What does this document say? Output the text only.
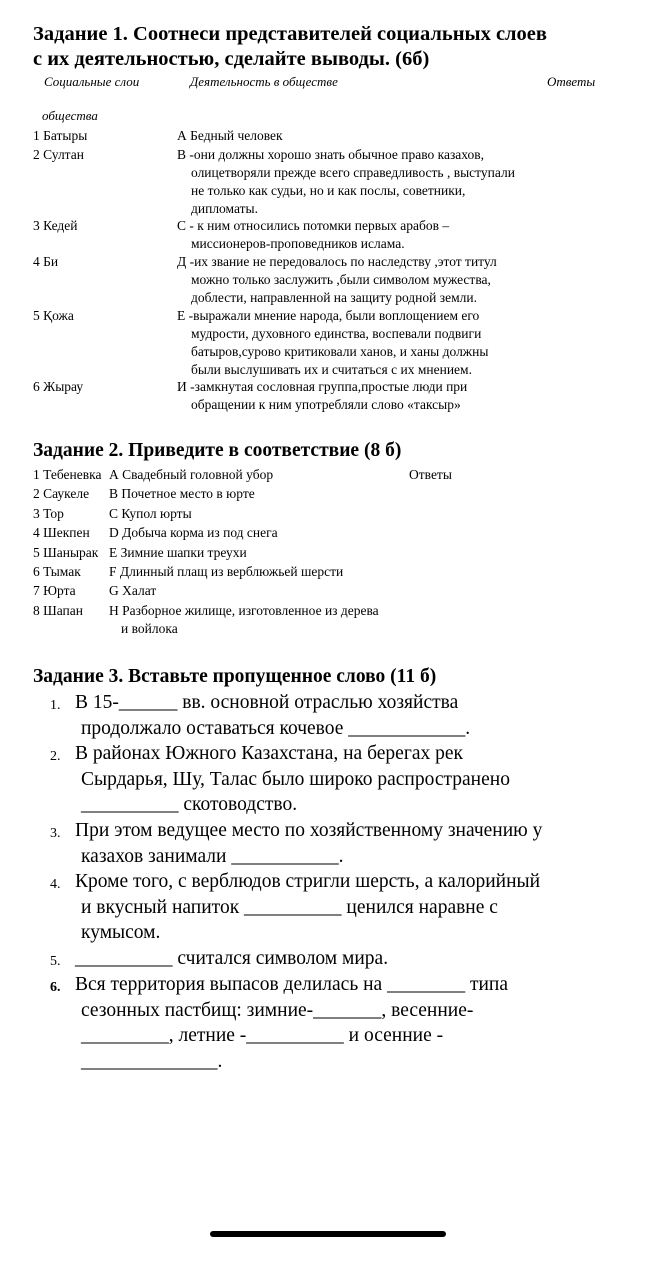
Задание 1. Соотнеси представителей социальных слоев
с их деятельностью, сделайте выводы. (6б)
Социальные слои	Деятельность в обществе	Ответы
общества
1 Батыры	А Бедный человек
2 Султан	В -они должны хорошо знать обычное право казахов,
олицетворяли прежде всего справедливость , выступали
не только как судьи, но и как послы, советники,
дипломаты.
3 Кедей	С - к ним относились потомки первых арабов –
миссионеров-проповедников ислама.
4 Би	Д -их звание не передовалось по наследству ,этот титул
можно только заслужить ,были символом мужества,
доблести, направленной на защиту родной земли.
5 Қожа	Е -выражали мнение народа, были воплощением его
мудрости, духовного единства, воспевали подвиги
батыров,сурово критиковали ханов, и ханы должны
были выслушивать их и считаться с их мнением.
6 Жырау	И -замкнутая сословная группа,простые люди при
обращении к ним употребляли слово «таксыр»
Задание 2. Приведите в соответствие (8 б)
Ответы
1 Тебеневка А Свадебный головной убор
2 Саукеле В Почетное место в юрте
3 Тор	С Купол юрты
4 Шекпен D Добыча корма из под снега
5 Шанырак Е Зимние шапки треухи
6 Тымак F Длинный плащ из верблюжьей шерсти
7 Юрта G Халат
8 Шапан Н Разборное жилище, изготовленное из дерева
и войлока
Задание 3. Вставьте пропущенное слово (11 б)
1. В 15-______ вв. основной отраслью хозяйства
продолжало оставаться кочевое ____________.
2. В районах Южного Казахстана, на берегах рек
Сырдарья, Шу, Талас было широко распространено
__________ скотоводство.
3. При этом ведущее место по хозяйственному значению у
казахов занимали ___________.
4. Кроме того, с верблюдов стригли шерсть, а калорийный
и вкусный напиток __________ ценился наравне с
кумысом.
5. __________ считался символом мира.
6. Вся территория выпасов делилась на ________ типа
сезонных пастбищ: зимние-_______, весенние-
_________, летние -__________ и осенние -
______________.
